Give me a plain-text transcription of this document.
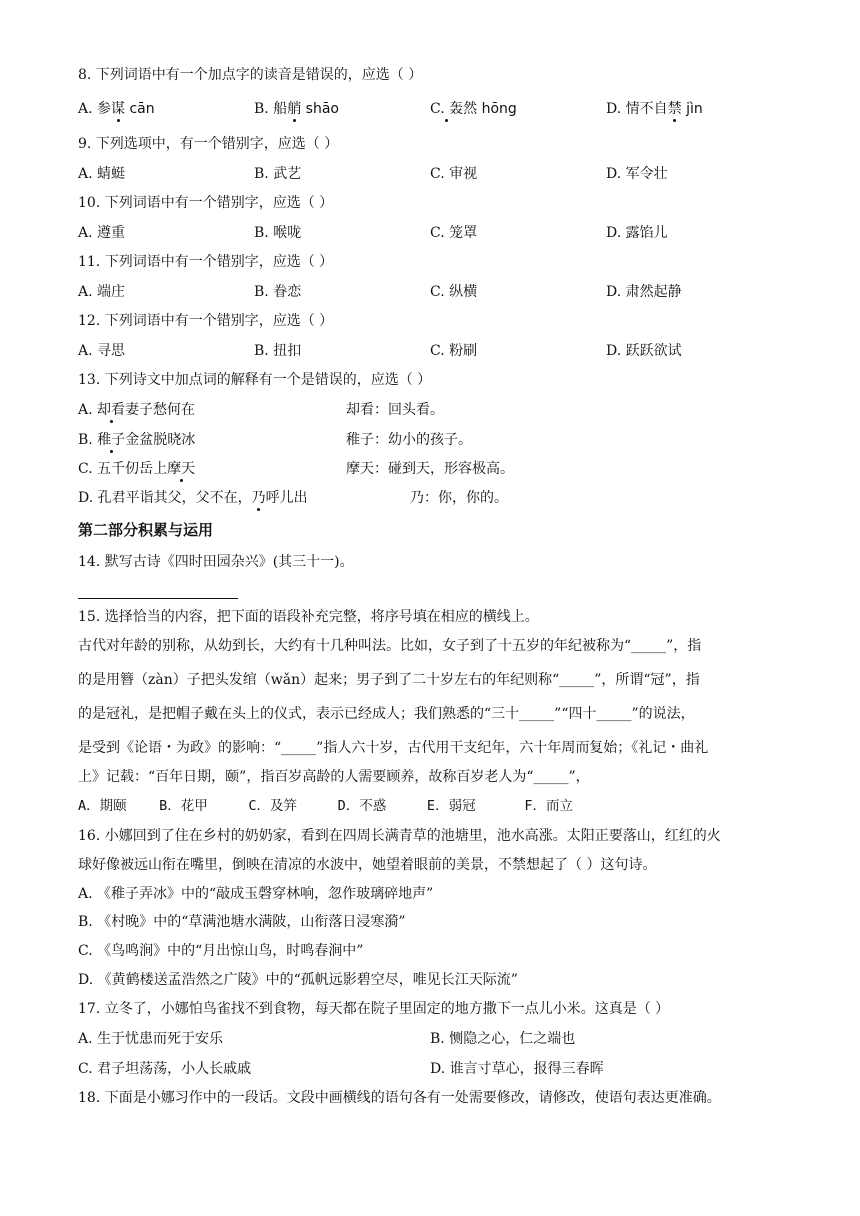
8. 下列词语中有一个加点字的读音是错误的，应选（ ）
A. 参谋 cān	B. 船艄 shāo	C. 轰然 hōng	D. 情不自禁 jìn
9. 下列选项中，有一个错别字，应选（ ）
A. 蜻蜓	B. 武艺	C. 审视	D. 军令壮
10. 下列词语中有一个错别字，应选（ ）
A. 遵重	B. 喉咙	C. 笼罩	D. 露馅儿
11. 下列词语中有一个错别字，应选（ ）
A. 端庄	B. 眷恋	C. 纵横	D. 肃然起静
12. 下列词语中有一个错别字，应选（ ）
A. 寻思	B. 扭扣	C. 粉刷	D. 跃跃欲试
13. 下列诗文中加点词的解释有一个是错误的，应选（ ）
A. 却看妻子愁何在	却看：回头看。
B. 稚子金盆脱晓冰	稚子：幼小的孩子。
C. 五千仞岳上摩天	摩天：碰到天，形容极高。
D. 孔君平诣其父，父不在，乃呼儿出	乃：你，你的。
第二部分积累与运用
14. 默写古诗《四时田园杂兴》(其三十一)。
15. 选择恰当的内容，把下面的语段补充完整，将序号填在相应的横线上。
古代对年龄的别称，从幼到长，大约有十几种叫法。比如，女子到了十五岁的年纪被称为“_____”，指
的是用簪（zàn）子把头发绾（wǎn）起来；男子到了二十岁左右的年纪则称“_____”，所谓“冠”，指
的是冠礼，是把帽子戴在头上的仪式，表示已经成人；我们熟悉的“三十_____”“四十_____”的说法，
是受到《论语・为政》的影响：“_____”指人六十岁，古代用干支纪年，六十年周而复始；《礼记・曲礼
上》记载：“百年日期，颐”，指百岁高龄的人需要顾养，故称百岁老人为“_____”，
A．期颐    B．花甲     C．及笄     D．不惑     E．弱冠      F．而立
16. 小娜回到了住在乡村的奶奶家，看到在四周长满青草的池塘里，池水高涨。太阳正要落山，红红的火
球好像被远山衔在嘴里，倒映在清凉的水波中，她望着眼前的美景，不禁想起了（ ）这句诗。
A. 《稚子弄冰》中的“敲成玉磬穿林响，忽作玻璃碎地声”
B. 《村晚》中的“草满池塘水满陂，山衔落日浸寒漪”
C. 《鸟鸣涧》中的“月出惊山鸟，时鸣春涧中”
D. 《黄鹤楼送孟浩然之广陵》中的“孤帆远影碧空尽，唯见长江天际流”
17. 立冬了，小娜怕鸟雀找不到食物，每天都在院子里固定的地方撒下一点儿小米。这真是（ ）
A. 生于忧患而死于安乐	B. 恻隐之心，仁之端也
C. 君子坦荡荡，小人长戚戚	D. 谁言寸草心，报得三春晖
18. 下面是小娜习作中的一段话。文段中画横线的语句各有一处需要修改，请修改，使语句表达更准确。
